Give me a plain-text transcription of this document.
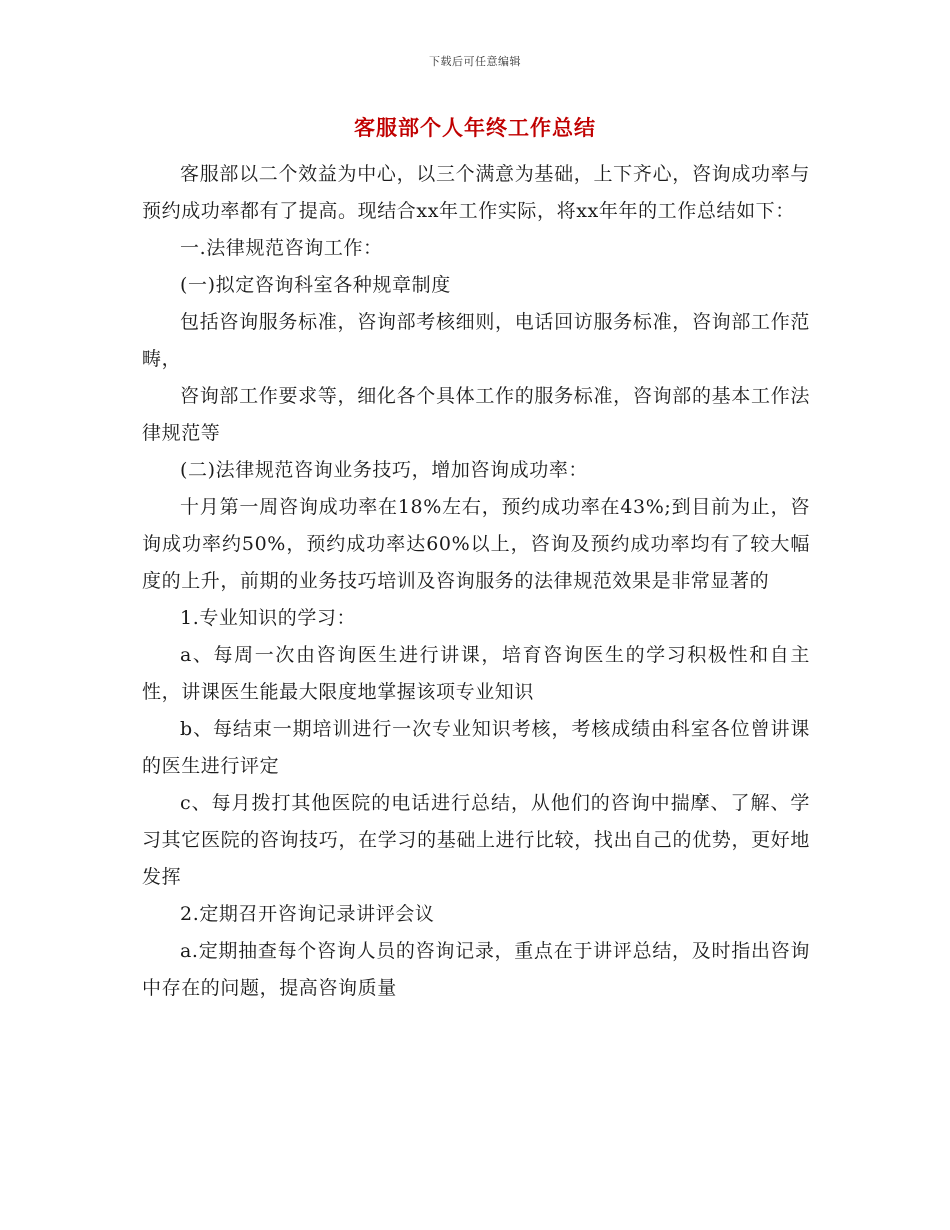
下载后可任意编辑
客服部个人年终工作总结

客服部以二个效益为中心，以三个满意为基础，上下齐心，咨询成功率与预约成功率都有了提高。现结合xx年工作实际，将xx年年的工作总结如下：

一.法律规范咨询工作：

(一)拟定咨询科室各种规章制度

包括咨询服务标准，咨询部考核细则，电话回访服务标准，咨询部工作范畴，

咨询部工作要求等，细化各个具体工作的服务标准，咨询部的基本工作法律规范等

(二)法律规范咨询业务技巧，增加咨询成功率：

十月第一周咨询成功率在18%左右，预约成功率在43%;到目前为止，咨询成功率约50%，预约成功率达60%以上，咨询及预约成功率均有了较大幅度的上升，前期的业务技巧培训及咨询服务的法律规范效果是非常显著的

1.专业知识的学习：

a、每周一次由咨询医生进行讲课，培育咨询医生的学习积极性和自主性，讲课医生能最大限度地掌握该项专业知识

b、每结束一期培训进行一次专业知识考核，考核成绩由科室各位曾讲课的医生进行评定

c、每月拨打其他医院的电话进行总结，从他们的咨询中揣摩、了解、学习其它医院的咨询技巧，在学习的基础上进行比较，找出自己的优势，更好地发挥

2.定期召开咨询记录讲评会议

a.定期抽查每个咨询人员的咨询记录，重点在于讲评总结，及时指出咨询中存在的问题，提高咨询质量
